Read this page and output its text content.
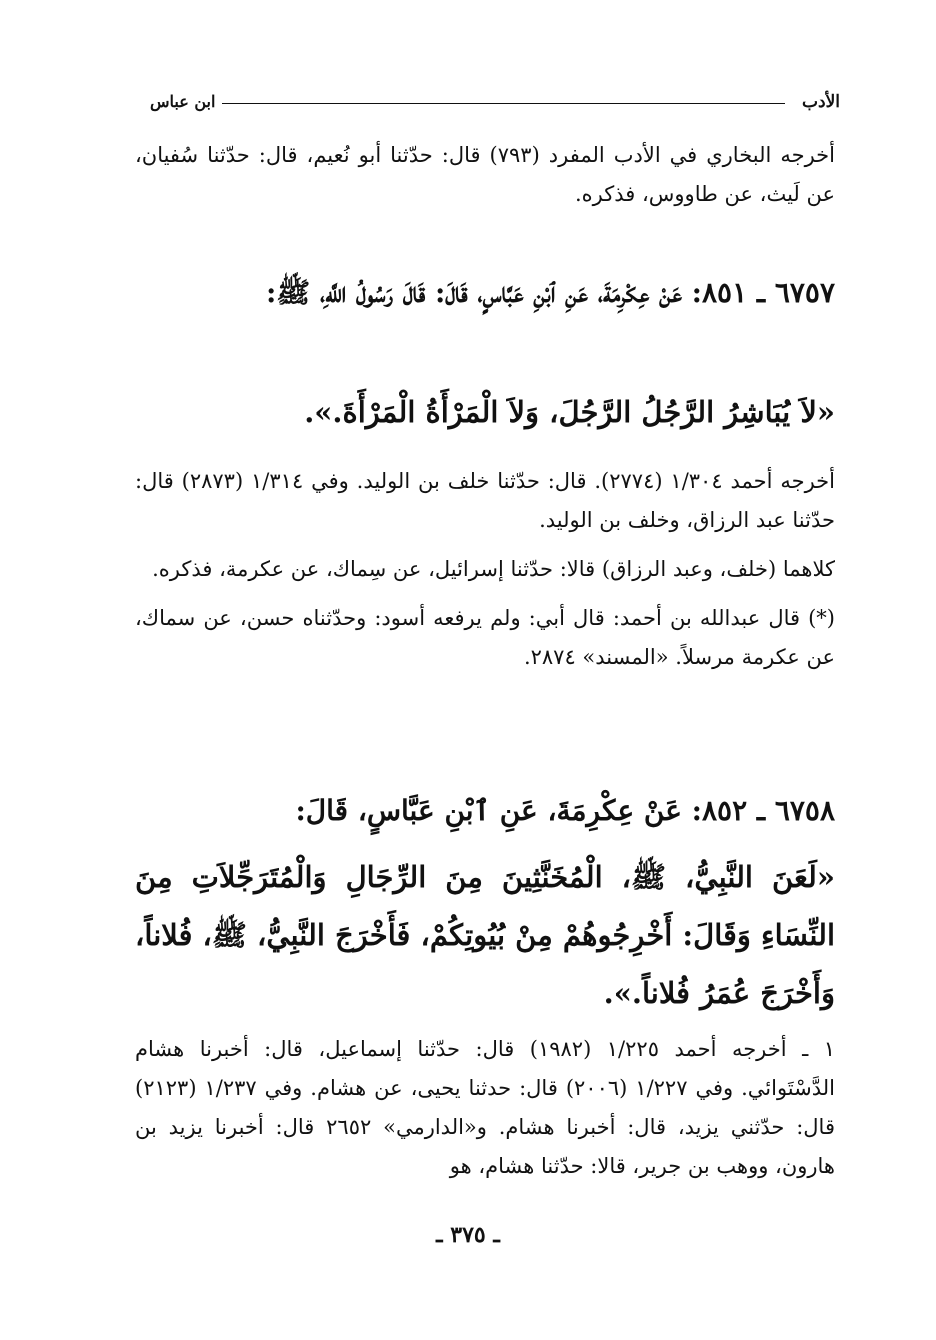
الأدب
ابن عباس

أخرجه البخاري في الأدب المفرد (٧٩٣) قال: حدّثنا أبو نُعيم، قال: حدّثنا سُفيان، عن لَيث، عن طاووس، فذكره.

٦٧٥٧ ـ ٨٥١: عَنْ عِكْرِمَةَ، عَنِ ٱبْنِ عَبَّاسٍ، قَالَ: قَالَ رَسُولُ اللَّهِ، ﷺ:

«لاَ يُبَاشِرُ الرَّجُلُ الرَّجُلَ، وَلاَ الْمَرْأَةُ الْمَرْأَةَ.».

أخرجه أحمد ١/٣٠٤ (٢٧٧٤). قال: حدّثنا خلف بن الوليد. وفي ١/٣١٤ (٢٨٧٣) قال: حدّثنا عبد الرزاق، وخلف بن الوليد.

كلاهما (خلف، وعبد الرزاق) قالا: حدّثنا إسرائيل، عن سِماك، عن عكرمة، فذكره.

(*) قال عبدالله بن أحمد: قال أبي: ولم يرفعه أسود: وحدّثناه حسن، عن سماك، عن عكرمة مرسلاً. «المسند» ٢٨٧٤.

٦٧٥٨ ـ ٨٥٢: عَنْ عِكْرِمَةَ، عَنِ ٱبْنِ عَبَّاسٍ، قَالَ:

«لَعَنَ النَّبِيُّ، ﷺ، الْمُخَنَّثِينَ مِنَ الرِّجَالِ وَالْمُتَرَجِّلاَتِ مِنَ النِّسَاءِ وَقَالَ: أَخْرِجُوهُمْ مِنْ بُيُوتِكُمْ، فَأَخْرَجَ النَّبِيُّ، ﷺ، فُلاناً، وَأَخْرَجَ عُمَرُ فُلاناً.».

١ ـ أخرجه أحمد ١/٢٢٥ (١٩٨٢) قال: حدّثنا إسماعيل، قال: أخبرنا هشام الدَّسْتَوائي. وفي ١/٢٢٧ (٢٠٠٦) قال: حدثنا يحيى، عن هشام. وفي ١/٢٣٧ (٢١٢٣) قال: حدّثني يزيد، قال: أخبرنا هشام. و«الدارمي» ٢٦٥٢ قال: أخبرنا يزيد بن هارون، ووهب بن جرير، قالا: حدّثنا هشام، هو

ـ ٣٧٥ ـ
